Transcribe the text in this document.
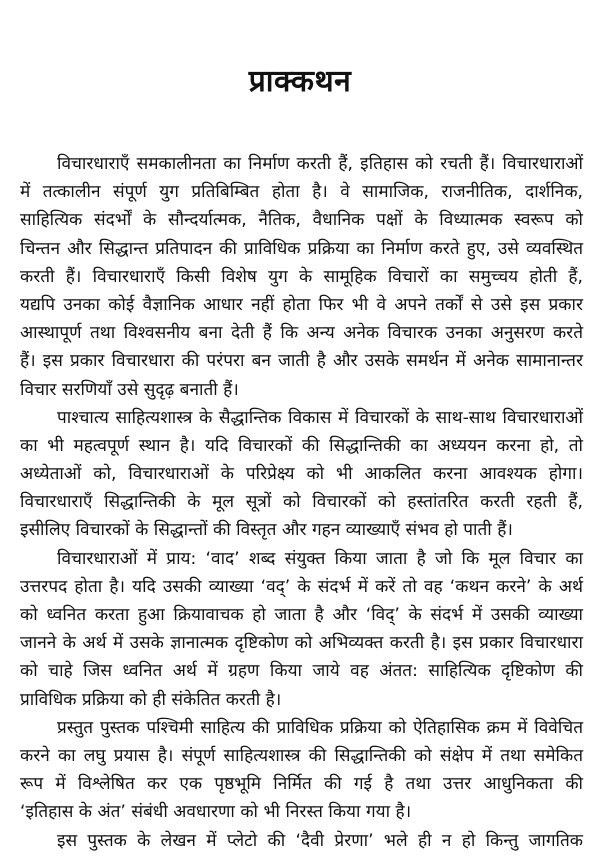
प्राक्कथन
विचारधाराएँ समकालीनता का निर्माण करती हैं, इतिहास को रचती हैं। विचारधाराओं
में तत्कालीन संपूर्ण युग प्रतिबिम्बित होता है। वे सामाजिक, राजनीतिक, दार्शनिक,
साहित्यिक संदर्भों के सौन्दर्यात्मक, नैतिक, वैधानिक पक्षों के विध्यात्मक स्वरूप को
चिन्तन और सिद्धान्त प्रतिपादन की प्राविधिक प्रक्रिया का निर्माण करते हुए, उसे व्यवस्थित
करती हैं। विचारधाराएँ किसी विशेष युग के सामूहिक विचारों का समुच्चय होती हैं,
यद्यपि उनका कोई वैज्ञानिक आधार नहीं होता फिर भी वे अपने तर्कों से उसे इस प्रकार
आस्थापूर्ण तथा विश्वसनीय बना देती हैं कि अन्य अनेक विचारक उनका अनुसरण करते
हैं। इस प्रकार विचारधारा की परंपरा बन जाती है और उसके समर्थन में अनेक सामानान्तर
विचार सरणियाँ उसे सुदृढ़ बनाती हैं।
पाश्चात्य साहित्यशास्त्र के सैद्धान्तिक विकास में विचारकों के साथ-साथ विचारधाराओं
का भी महत्वपूर्ण स्थान है। यदि विचारकों की सिद्धान्तिकी का अध्ययन करना हो, तो
अध्येताओं को, विचारधाराओं के परिप्रेक्ष्य को भी आकलित करना आवश्यक होगा।
विचारधाराएँ सिद्धान्तिकी के मूल सूत्रों को विचारकों को हस्तांतरित करती रहती हैं,
इसीलिए विचारकों के सिद्धान्तों की विस्तृत और गहन व्याख्याएँ संभव हो पाती हैं।
विचारधाराओं में प्राय: ‘वाद’ शब्द संयुक्त किया जाता है जो कि मूल विचार का
उत्तरपद होता है। यदि उसकी व्याख्या ‘वद्’ के संदर्भ में करें तो वह ‘कथन करने’ के अर्थ
को ध्वनित करता हुआ क्रियावाचक हो जाता है और ‘विद्’ के संदर्भ में उसकी व्याख्या
जानने के अर्थ में उसके ज्ञानात्मक दृष्टिकोण को अभिव्यक्त करती है। इस प्रकार विचारधारा
को चाहे जिस ध्वनित अर्थ में ग्रहण किया जाये वह अंतत: साहित्यिक दृष्टिकोण की
प्राविधिक प्रक्रिया को ही संकेतित करती है।
प्रस्तुत पुस्तक पश्चिमी साहित्य की प्राविधिक प्रक्रिया को ऐतिहासिक क्रम में विवेचित
करने का लघु प्रयास है। संपूर्ण साहित्यशास्त्र की सिद्धान्तिकी को संक्षेप में तथा समेकित
रूप में विश्लेषित कर एक पृष्ठभूमि निर्मित की गई है तथा उत्तर आधुनिकता की
‘इतिहास के अंत’ संबंधी अवधारणा को भी निरस्त किया गया है।
इस पुस्तक के लेखन में प्लेटो की ‘दैवी प्रेरणा’ भले ही न हो किन्तु जागतिक
